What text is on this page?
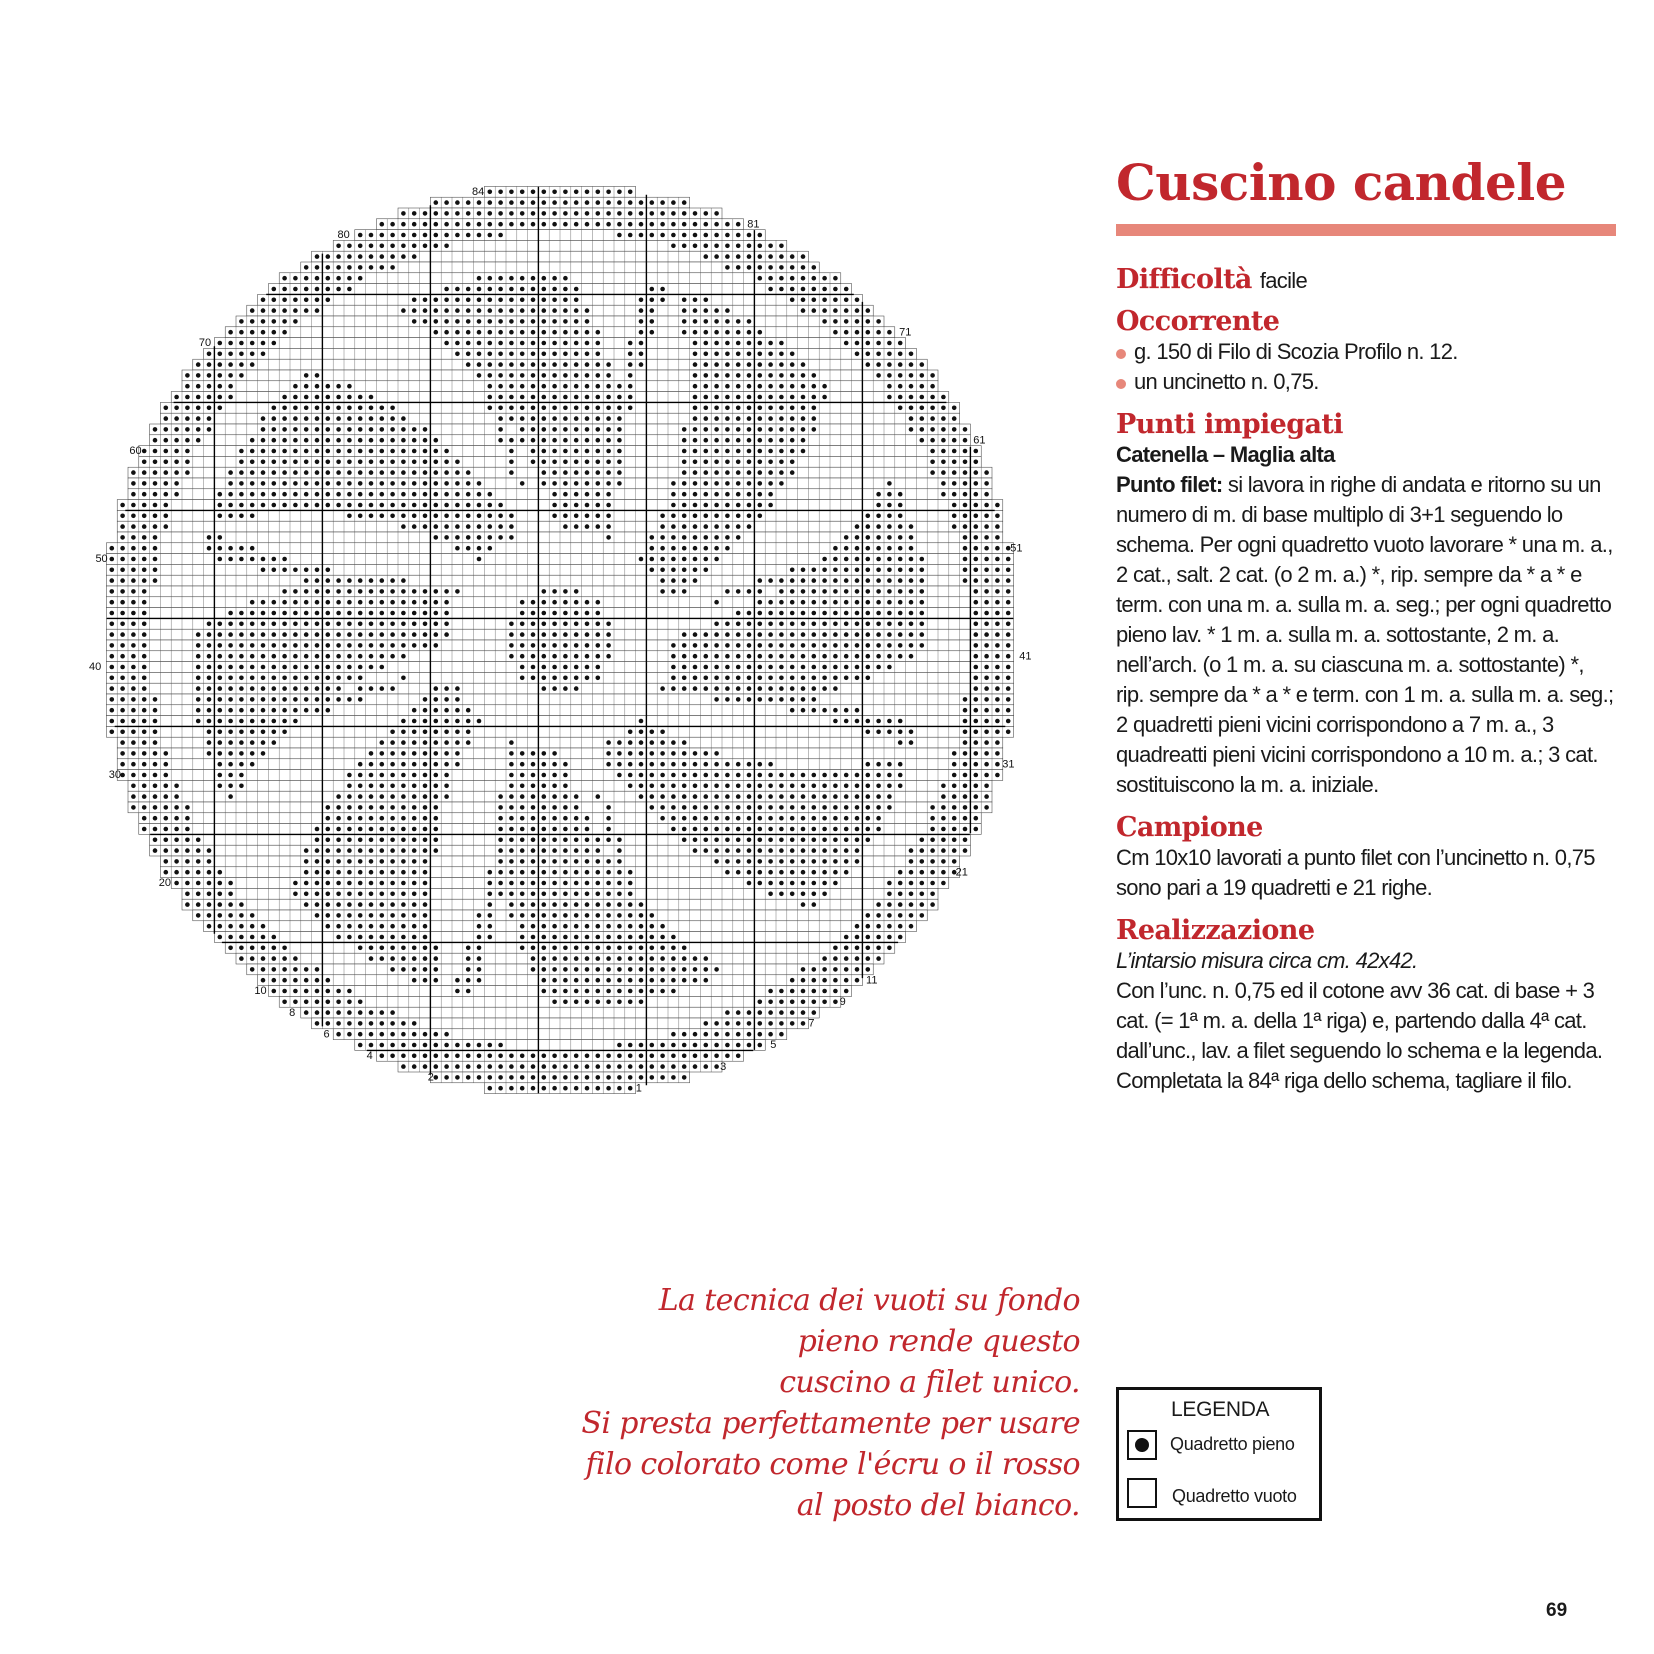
1
2
3
4
5
6
7
8
9
10
11
20
21
30
31
40
41
50
51
60
61
70
71
80
81
84	Cuscino candele
Difficoltà facile
Occorrente
g. 150 di Filo di Scozia Profilo n. 12.
un uncinetto n. 0,75.
Punti impiegati
Catenella – Maglia alta
Punto filet: si lavora in righe di andata e ritorno su un numero di m. di base multiplo di 3+1 seguendo lo schema. Per ogni quadretto vuoto lavorare * una m. a., 2 cat., salt. 2 cat. (o 2 m. a.) *, rip. sempre da * a * e term. con una m. a. sulla m. a. seg.; per ogni quadretto pieno lav. * 1 m. a. sulla m. a. sottostante, 2 m. a. nell’arch. (o 1 m. a. su ciascuna m. a. sottostante) *, rip. sempre da * a * e term. con 1 m. a. sulla m. a. seg.; 2 quadretti pieni vicini corrispondono a 7 m. a., 3 quadreatti pieni vicini corrispondono a 10 m. a.; 3 cat. sostituiscono la m. a. iniziale.
Campione
Cm 10x10 lavorati a punto filet con l’uncinetto n. 0,75 sono pari a 19 quadretti e 21 righe.
Realizzazione
L’intarsio misura circa cm. 42x42.
Con l’unc. n. 0,75 ed il cotone avv 36 cat. di base + 3 cat. (= 1ª m. a. della 1ª riga) e, partendo dalla 4ª cat. dall’unc., lav. a filet seguendo lo schema e la legenda. Completata la 84ª riga dello schema, tagliare il filo.
La tecnica dei vuoti su fondo
pieno rende questo
cuscino a filet unico.
Si presta perfettamente per usare
filo colorato come l'écru o il rosso
al posto del bianco.
LEGENDA
Quadretto pieno
Quadretto vuoto
69
